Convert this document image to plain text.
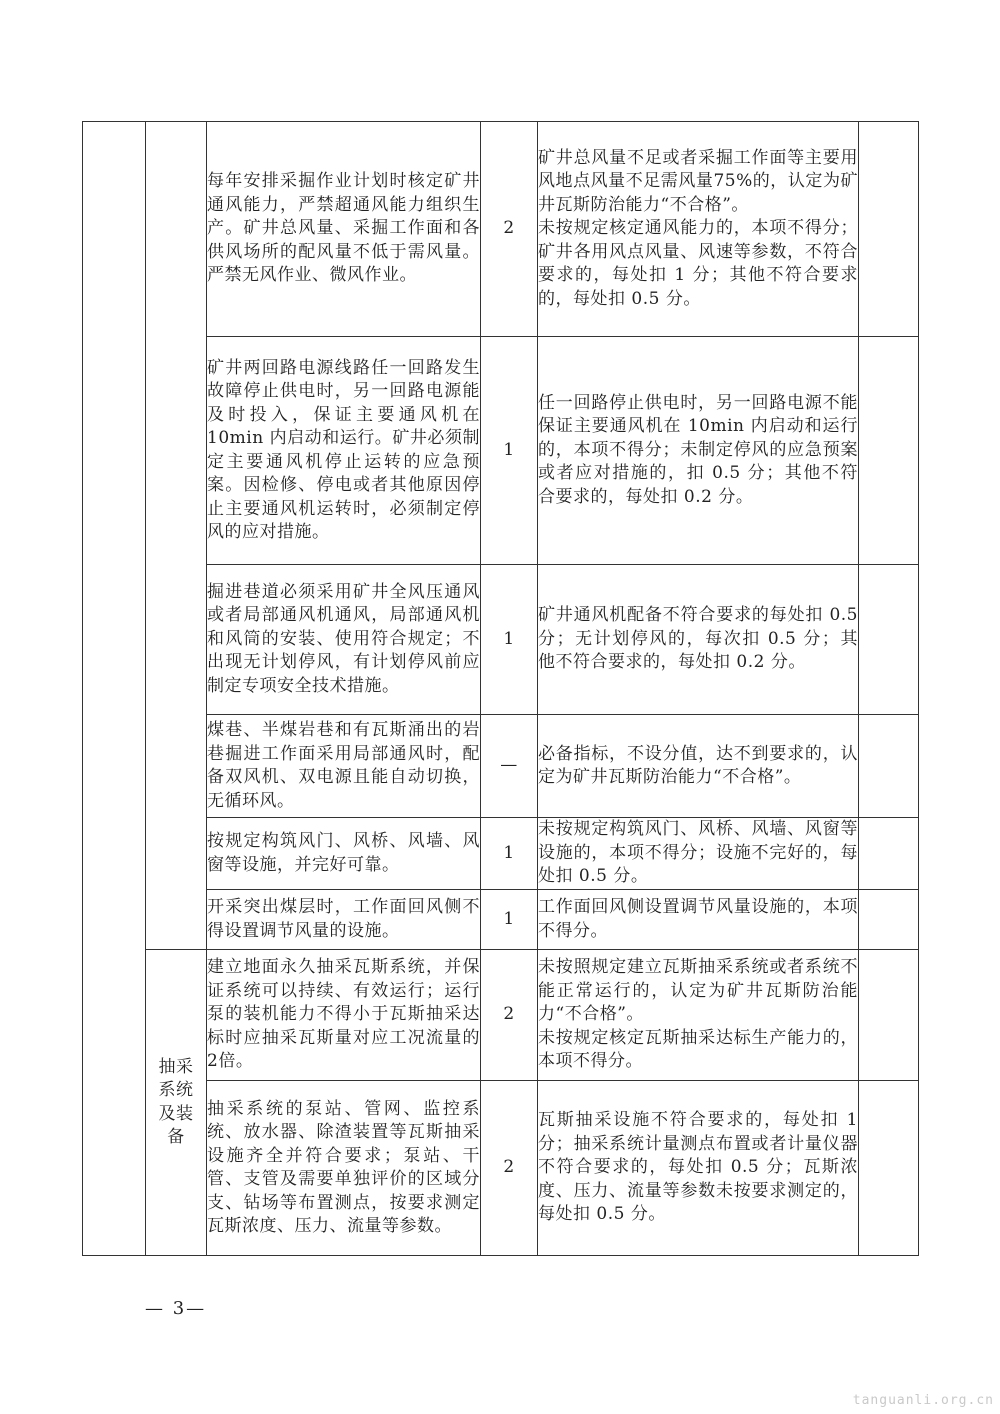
		每年安排采掘作业计划时核定矿井通风能力，严禁超通风能力组织生产。矿井总风量、采掘工作面和各供风场所的配风量不低于需风量。严禁无风作业、微风作业。	2	矿井总风量不足或者采掘工作面等主要用风地点风量不足需风量75%的，认定为矿井瓦斯防治能力“不合格”。
未按规定核定通风能力的，本项不得分；矿井各用风点风量、风速等参数，不符合要求的，每处扣 1 分；其他不符合要求的，每处扣 0.5 分。	
		矿井两回路电源线路任一回路发生故障停止供电时，另一回路电源能及时投入，保证主要通风机在 10min 内启动和运行。矿井必须制定主要通风机停止运转的应急预案。因检修、停电或者其他原因停止主要通风机运转时，必须制定停风的应对措施。	1	任一回路停止供电时，另一回路电源不能保证主要通风机在 10min 内启动和运行的，本项不得分；未制定停风的应急预案或者应对措施的，扣 0.5 分；其他不符合要求的，每处扣 0.2 分。	
		掘进巷道必须采用矿井全风压通风或者局部通风机通风，局部通风机和风筒的安装、使用符合规定；不出现无计划停风，有计划停风前应制定专项安全技术措施。	1	矿井通风机配备不符合要求的每处扣 0.5 分；无计划停风的，每次扣 0.5 分；其他不符合要求的，每处扣 0.2 分。	
		煤巷、半煤岩巷和有瓦斯涌出的岩巷掘进工作面采用局部通风时，配备双风机、双电源且能自动切换，无循环风。	—	必备指标，不设分值，达不到要求的，认定为矿井瓦斯防治能力“不合格”。	
		按规定构筑风门、风桥、风墙、风窗等设施，并完好可靠。	1	未按规定构筑风门、风桥、风墙、风窗等设施的，本项不得分；设施不完好的，每处扣 0.5 分。	
		开采突出煤层时，工作面回风侧不得设置调节风量的设施。	1	工作面回风侧设置调节风量设施的，本项不得分。	

	抽采系统及装备	建立地面永久抽采瓦斯系统，并保证系统可以持续、有效运行；运行泵的装机能力不得小于瓦斯抽采达标时应抽采瓦斯量对应工况流量的2倍。	2	未按照规定建立瓦斯抽采系统或者系统不能正常运行的，认定为矿井瓦斯防治能力“不合格”。
未按规定核定瓦斯抽采达标生产能力的，本项不得分。	
		抽采系统的泵站、管网、监控系统、放水器、除渣装置等瓦斯抽采设施齐全并符合要求；泵站、干管、支管及需要单独评价的区域分支、钻场等布置测点，按要求测定瓦斯浓度、压力、流量等参数。	2	瓦斯抽采设施不符合要求的，每处扣 1 分；抽采系统计量测点布置或者计量仪器不符合要求的，每处扣 0.5 分；瓦斯浓度、压力、流量等参数未按要求测定的，每处扣 0.5 分。	
— 3—
tanguanli.org.cn
